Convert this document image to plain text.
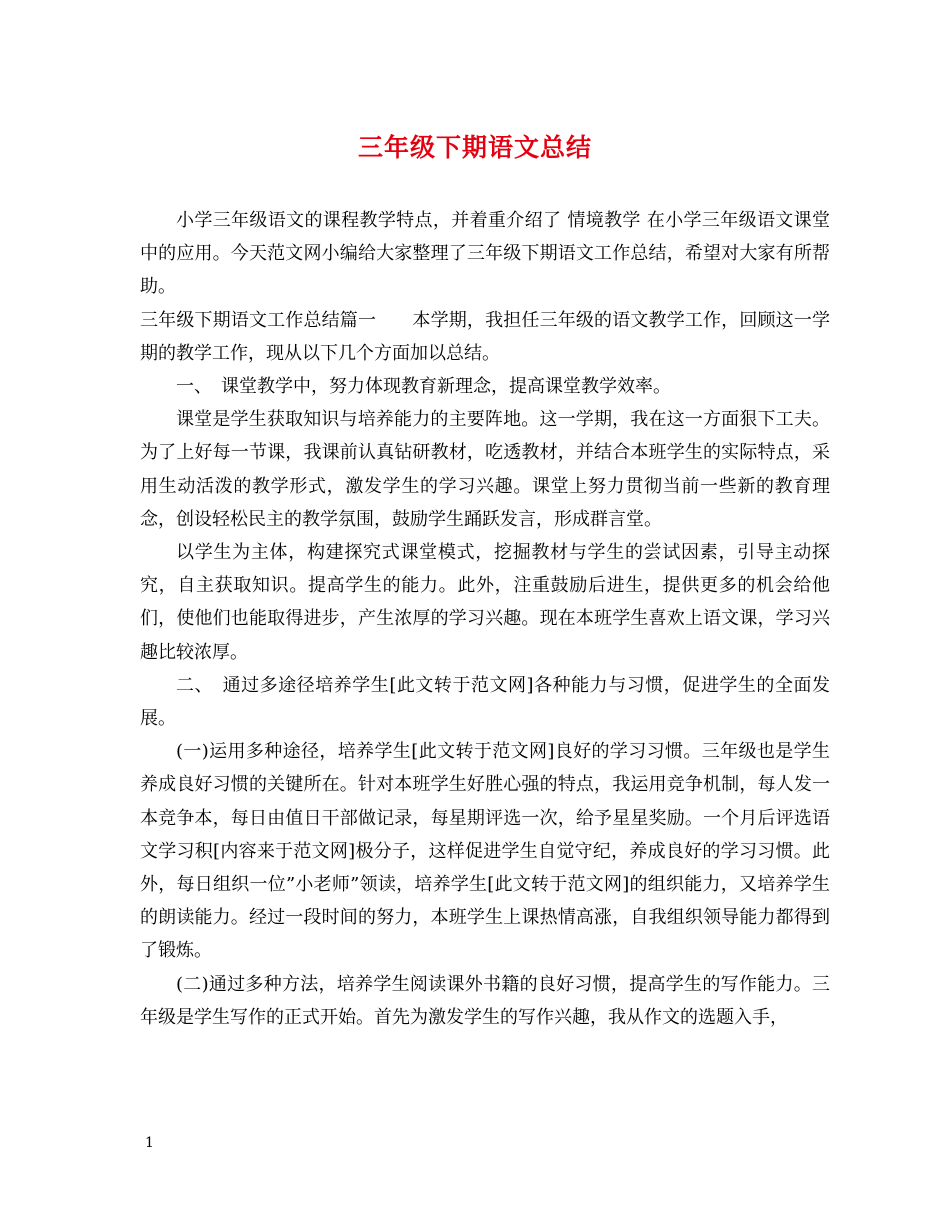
三年级下期语文总结

小学三年级语文的课程教学特点，并着重介绍了 情境教学 在小学三年级语文课堂中的应用。今天范文网小编给大家整理了三年级下期语文工作总结，希望对大家有所帮助。

三年级下期语文工作总结篇一　　本学期，我担任三年级的语文教学工作，回顾这一学期的教学工作，现从以下几个方面加以总结。

一、　课堂教学中，努力体现教育新理念，提高课堂教学效率。

课堂是学生获取知识与培养能力的主要阵地。这一学期，我在这一方面狠下工夫。为了上好每一节课，我课前认真钻研教材，吃透教材，并结合本班学生的实际特点，采用生动活泼的教学形式，激发学生的学习兴趣。课堂上努力贯彻当前一些新的教育理念，创设轻松民主的教学氛围，鼓励学生踊跃发言，形成群言堂。

以学生为主体，构建探究式课堂模式，挖掘教材与学生的尝试因素，引导主动探究，自主获取知识。提高学生的能力。此外，注重鼓励后进生，提供更多的机会给他们，使他们也能取得进步，产生浓厚的学习兴趣。现在本班学生喜欢上语文课，学习兴趣比较浓厚。

二、　通过多途径培养学生[此文转于范文网]各种能力与习惯，促进学生的全面发展。

(一)运用多种途径，培养学生[此文转于范文网]良好的学习习惯。三年级也是学生养成良好习惯的关键所在。针对本班学生好胜心强的特点，我运用竞争机制，每人发一本竞争本，每日由值日干部做记录，每星期评选一次，给予星星奖励。一个月后评选语文学习积[内容来于范文网]极分子，这样促进学生自觉守纪，养成良好的学习习惯。此外，每日组织一位”小老师”领读，培养学生[此文转于范文网]的组织能力，又培养学生的朗读能力。经过一段时间的努力，本班学生上课热情高涨，自我组织领导能力都得到了锻炼。

(二)通过多种方法，培养学生阅读课外书籍的良好习惯，提高学生的写作能力。三年级是学生写作的正式开始。首先为激发学生的写作兴趣，我从作文的选题入手，

1
